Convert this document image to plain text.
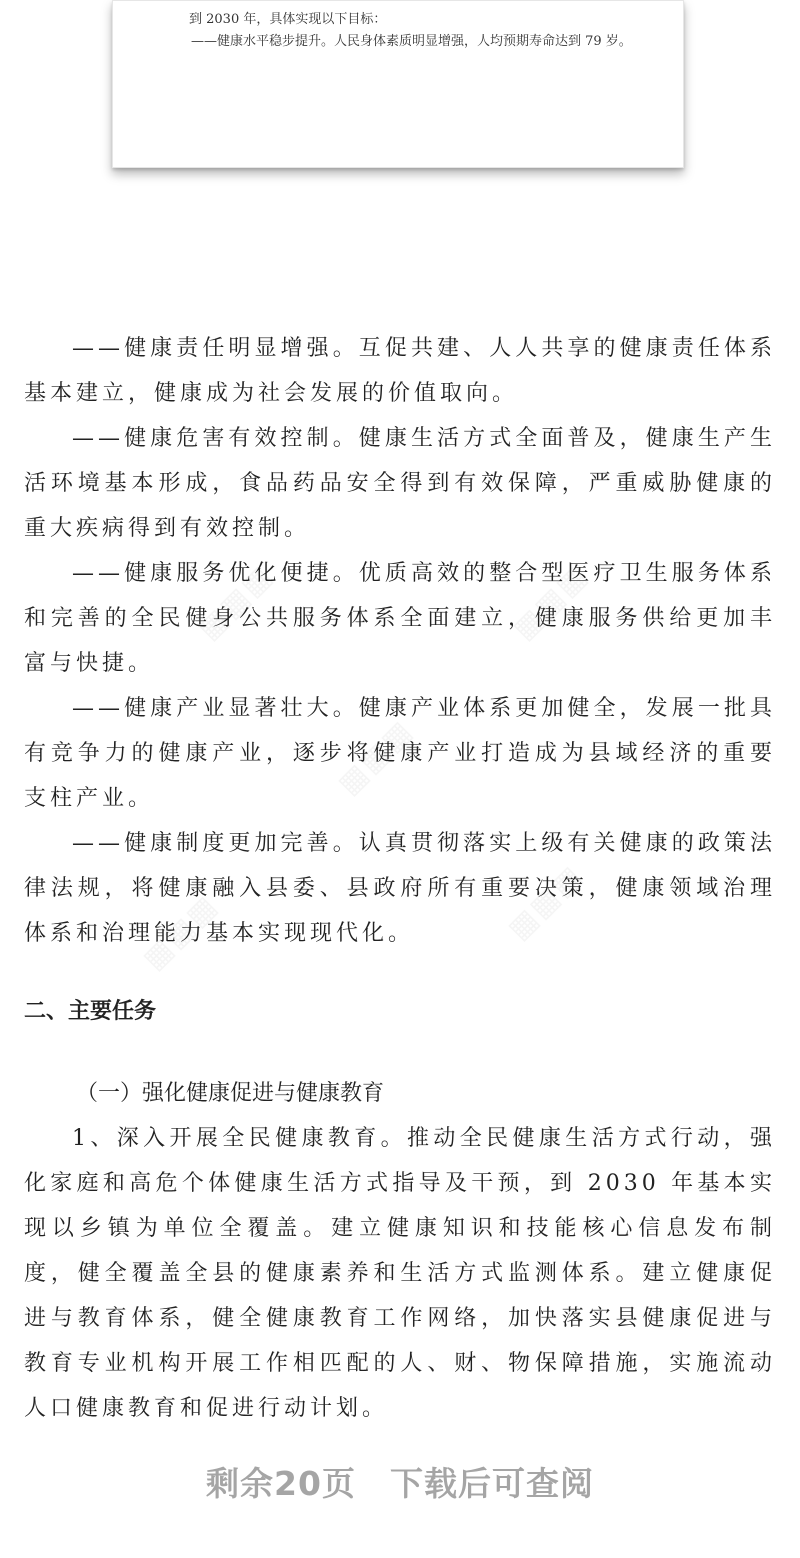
到 2030 年，具体实现以下目标：

——健康水平稳步提升。人民身体素质明显增强，人均预期寿命达到 79 岁。

▦▦▦	▦▦▦
▦▦▦
▦▦▦	▦▦▦

——健康责任明显增强。互促共建、人人共享的健康责任体系基本建立，健康成为社会发展的价值取向。

——健康危害有效控制。健康生活方式全面普及，健康生产生活环境基本形成，食品药品安全得到有效保障，严重威胁健康的重大疾病得到有效控制。

——健康服务优化便捷。优质高效的整合型医疗卫生服务体系和完善的全民健身公共服务体系全面建立，健康服务供给更加丰富与快捷。

——健康产业显著壮大。健康产业体系更加健全，发展一批具有竞争力的健康产业，逐步将健康产业打造成为县域经济的重要支柱产业。

——健康制度更加完善。认真贯彻落实上级有关健康的政策法律法规，将健康融入县委、县政府所有重要决策，健康领域治理体系和治理能力基本实现现代化。

二、主要任务

（一）强化健康促进与健康教育

1、深入开展全民健康教育。推动全民健康生活方式行动，强化家庭和高危个体健康生活方式指导及干预，到 2030 年基本实现以乡镇为单位全覆盖。建立健康知识和技能核心信息发布制度，健全覆盖全县的健康素养和生活方式监测体系。建立健康促进与教育体系，健全健康教育工作网络，加快落实县健康促进与教育专业机构开展工作相匹配的人、财、物保障措施，实施流动人口健康教育和促进行动计划。

剩余20页　下载后可查阅
